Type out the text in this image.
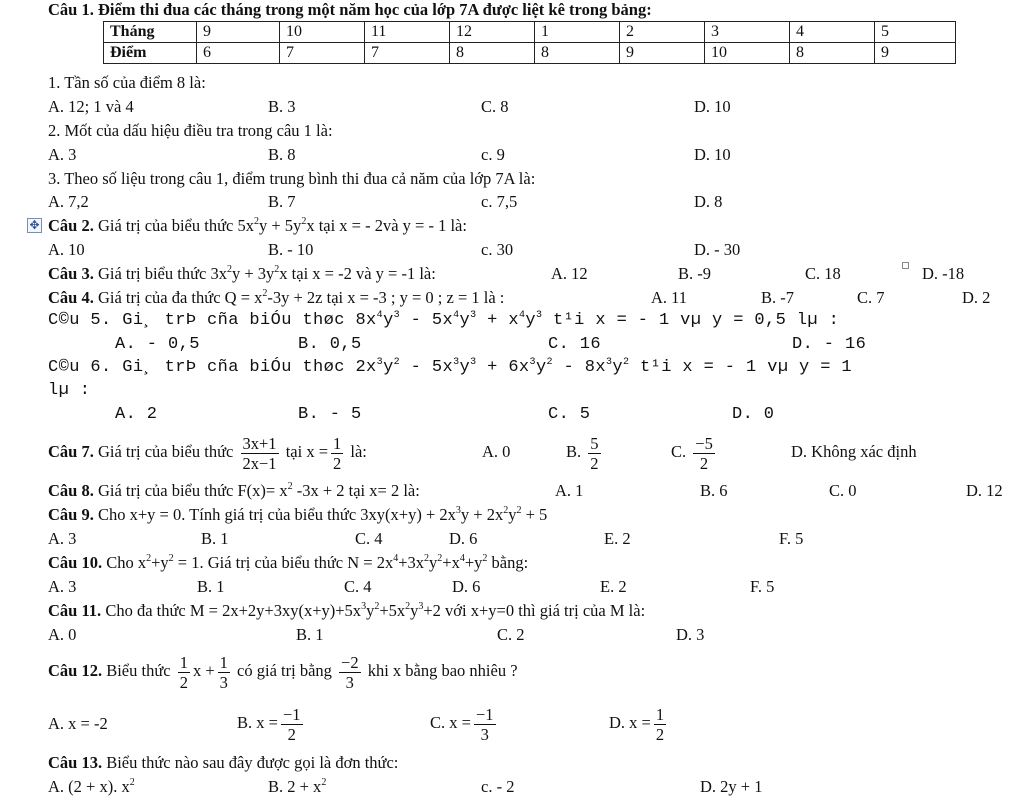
Câu 1. Điểm thi đua các tháng trong một năm học của lớp 7A được liệt kê trong bảng:
Tháng	9	10	11	12	1	2	3	4	5
Điểm	6	7	7	8	8	9	10	8	9
1. Tần số của điểm 8 là:
A. 12; 1 và 4	B. 3	C. 8	D. 10
2. Mốt của dấu hiệu điều tra trong câu 1 là:
A. 3	B. 8	c. 9	D. 10
3. Theo số liệu trong câu 1, điểm trung bình thi đua cả năm của lớp 7A là:
A. 7,2	B. 7	c. 7,5	D. 8
✥ Câu 2. Giá trị của biểu thức $5x^2y + 5y^2x$ tại x = - 2và y = - 1 là:
A. 10	B. - 10	c. 30	D. - 30
Câu 3. Giá trị biểu thức $3x^2y + 3y^2x$ tại x = -2 và y = -1 là:	A. 12	B. -9	C. 18	D. -18
Câu 4. Giá trị của đa thức $Q = x^2-3y + 2z$ tại x = -3 ; y = 0 ; z = 1 là :	A. 11	B. -7	C. 7	D. 2
C©u 5. Gi¸ trÞ cña biÓu thøc $8x^4y^3 - 5x^4y^3 + x^4y^3$ t¹i x = - 1 vµ y = 0,5 lµ :
A. - 0,5	B. 0,5	C. 16	D. - 16
C©u 6. Gi¸ trÞ cña biÓu thøc $2x^3y^2 - 5x^3y^3 + 6x^3y^2 - 8x^3y^2$ t¹i x = - 1 vµ y = 1
lµ :
A. 2	B. - 5	C. 5	D. 0
Câu 7. Giá trị của biểu thức $\frac{3x+1}{2x-1}$ tại $x = \frac{1}{2}$ là:	A. 0	B. $\frac{5}{2}$	C. $\frac{-5}{2}$	D. Không xác định
Câu 8. Giá trị của biểu thức $F(x)= x^2$ -3x + 2 tại x= 2 là:	A. 1	B. 6	C. 0	D. 12
Câu 9. Cho x+y = 0. Tính giá trị của biểu thức $3xy(x+y) + 2x^3y + 2x^2y^2 + 5$
A. 3	B. 1	C. 4	D. 6	E. 2	F. 5
Câu 10. Cho $x^2+y^2 = 1$. Giá trị của biểu thức $N = 2x^4+3x^2y^2+x^4+y^2$ bằng:
A. 3	B. 1	C. 4	D. 6	E. 2	F. 5
Câu 11. Cho đa thức $M = 2x+2y+3xy(x+y)+5x^3y^2+5x^2y^3+2$ với x+y=0 thì giá trị của M là:
A. 0	B. 1	C. 2	D. 3
Câu 12. Biểu thức $\frac{1}{2}$ $x + \frac{1}{3}$ có giá trị bằng $\frac{-2}{3}$ khi x bằng bao nhiêu ?
A. x = -2	B. $x = \frac{-1}{2}$	C. $x = \frac{-1}{3}$	D. $x = \frac{1}{2}$
Câu 13. Biểu thức nào sau đây được gọi là đơn thức:
A. (2 + x). $x^2$	B. $2 + x^2$	c. - 2	D. 2y + 1
